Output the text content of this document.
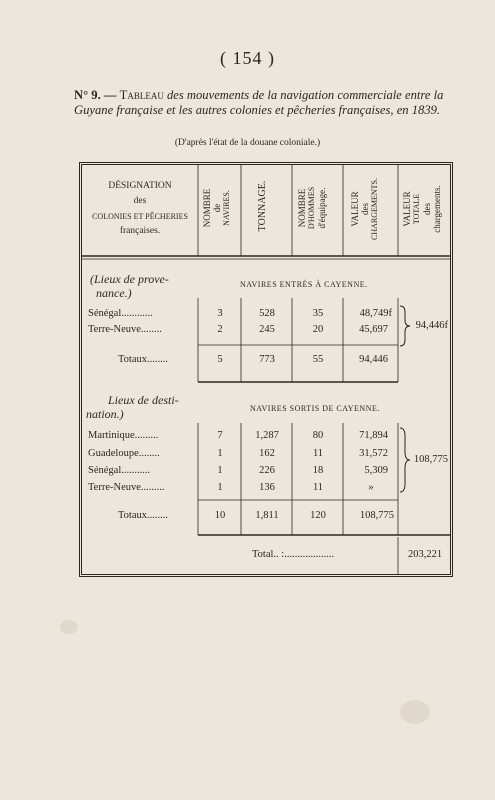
( 154 )
N° 9. — Tableau des mouvements de la navigation commerciale entre la Guyane française et les autres colonies et pêcheries françaises, en 1839.
(D'après l'état de la douane coloniale.)
DÉSIGNATION
des
COLONIES ET PÊCHERIES
françaises.
NOMBRE de NAVIRES.	TONNAGE.	NOMBRE D'HOMMES d'équipage.	VALEUR des CHARGEMENTS.	VALEUR TOTALE des chargements.
(Lieux de prove-
nance.)
NAVIRES ENTRÉS À CAYENNE.
Sénégal............	3	528	35	48,749f
Terre-Neuve........	2	245	20	45,697
Totaux........	5	773	55	94,446
94,446f
Lieux de desti-
nation.)	NAVIRES SORTIS DE CAYENNE.
Martinique.........	7	1,287	80	71,894
Guadeloupe........	1	162	11	31,572
Sénégal...........	1	226	18	5,309
Terre-Neuve.........	1	136	11	»
Totaux........	10	1,811	120	108,775
108,775
Total.. :...................	203,221
